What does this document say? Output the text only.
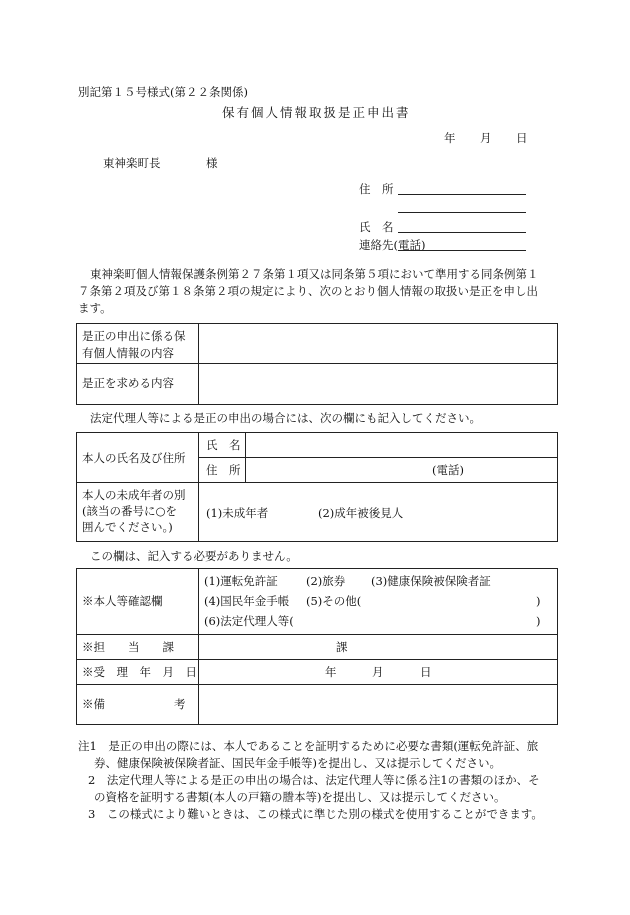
別記第１５号様式(第２２条関係)
保有個人情報取扱是正申出書
年 月 日
東神楽町長	様
住　所
氏　名
連絡先(電話)
東神楽町個人情報保護条例第２７条第１項又は同条第５項において準用する同条例第１
７条第２項及び第１８条第２項の規定により、次のとおり個人情報の取扱い是正を申し出
ます。
是正の申出に係る保
有個人情報の内容
是正を求める内容
法定代理人等による是正の申出の場合には、次の欄にも記入してください。
本人の氏名及び住所
氏　名
住　所	(電話)
本人の未成年者の別
(該当の番号に○を
囲んでください。)
(1)未成年者	(2)成年被後見人
この欄は、記入する必要がありません。
※本人等確認欄
(1)運転免許証 (2)旅券 (3)健康保険被保険者証
(4)国民年金手帳 (5)その他(	)
(6)法定代理人等(	)
※担　　当　　課	課
※受　理　年　月　日	年	月	日
※備　　　　　　考
注1　是正の申出の際には、本人であることを証明するために必要な書類(運転免許証、旅
券、健康保険被保険者証、国民年金手帳等)を提出し、又は提示してください。
2　法定代理人等による是正の申出の場合は、法定代理人等に係る注1の書類のほか、そ
の資格を証明する書類(本人の戸籍の謄本等)を提出し、又は提示してください。
3　この様式により難いときは、この様式に準じた別の様式を使用することができます。
